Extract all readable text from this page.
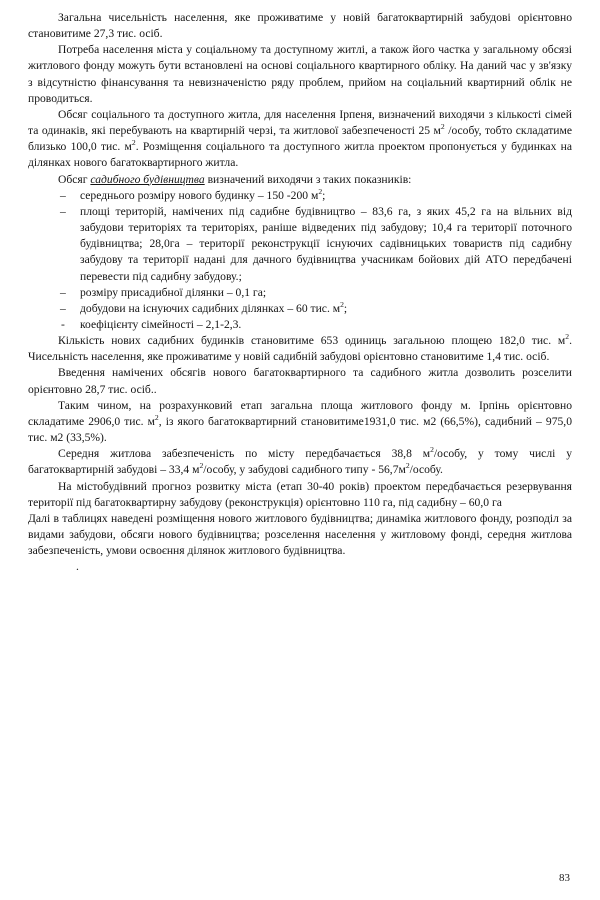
Загальна чисельність населення, яке проживатиме у новій багатоквартирній забудові орієнтовно становитиме 27,3 тис. осіб.

Потреба населення міста у соціальному та доступному житлі, а також його частка у загальному обсязі житлового фонду можуть бути встановлені на основі соціального квартирного обліку. На даний час у зв'язку з відсутністю фінансування та невизначеністю ряду проблем, прийом на соціальний квартирний облік не проводиться.

Обсяг соціального та доступного житла, для населення Ірпеня, визначений виходячи з кількості сімей та одинаків, які перебувають на квартирній черзі, та житлової забезпеченості 25 $м^2$ /особу, тобто складатиме близько 100,0 тис. $м^2$. Розміщення соціального та доступного житла проектом пропонується у будинках на ділянках нового багатоквартирного житла.

Обсяг садибного будівництва визначений виходячи з таких показників:

– середнього розміру нового будинку – 150 -200 $м^2$;
– площі територій, намічених під садибне будівництво – 83,6 га, з яких 45,2 га на вільних від забудови територіях та територіях, раніше відведених під забудову; 10,4 га території поточного будівництва; 28,0га – території реконструкції існуючих садівницьких товариств під садибну забудову та території надані для дачного будівництва учасникам бойових дій АТО передбачені перевести під садибну забудову.;
– розміру присадибної ділянки – 0,1 га;
– добудови на існуючих садибних ділянках – 60 тис. $м^2$;
- коефіцієнту сімейності – 2,1-2,3.

Кількість нових садибних будинків становитиме 653 одиниць загальною площею 182,0 тис. $м^2$. Чисельність населення, яке проживатиме у новій садибній забудові орієнтовно становитиме 1,4 тис. осіб.

Введення намічених обсягів нового багатоквартирного та садибного житла дозволить розселити орієнтовно 28,7 тис. осіб..

Таким чином, на розрахунковий етап загальна площа житлового фонду м. Ірпінь орієнтовно складатиме 2906,0 тис. $м^2$, із якого багатоквартирний становитиме1931,0 тис. м2 (66,5%), садибний – 975,0 тис. м2 (33,5%).

Середня житлова забезпеченість по місту передбачається 38,8 $м^2$/особу, у тому числі у багатоквартирній забудові – 33,4 $м^2$/особу, у забудові садибного типу - $56,7м^2$/особу.

На містобудівний прогноз розвитку міста (етап 30-40 років) проектом передбачається резервування території під багатоквартирну забудову (реконструкція) орієнтовно 110 га, під садибну – 60,0 га

Далі в таблицях наведені розміщення нового житлового будівництва; динаміка житлового фонду, розподіл за видами забудови, обсяги нового будівництва; розселення населення у житловому фонді, середня житлова забезпеченість, умови освоєння ділянок житлового будівництва.

.

83
